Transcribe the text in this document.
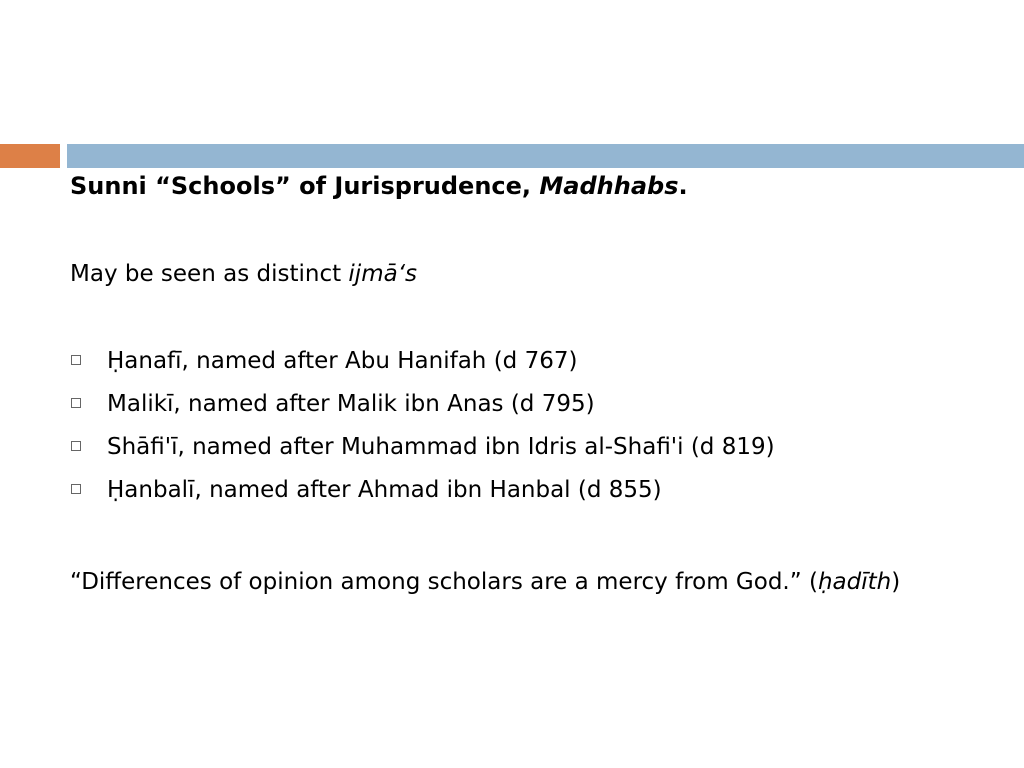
Sunni “Schools” of Jurisprudence, Madhhabs.
May be seen as distinct ijmā‘s
Ḥanafī, named after Abu Hanifah (d 767)
Malikī, named after Malik ibn Anas (d 795)
Shāfi'ī, named after Muhammad ibn Idris al-Shafi'i (d 819)
Ḥanbalī, named after Ahmad ibn Hanbal (d 855)
“Differences of opinion among scholars are a mercy from God.” (ḥadīth)
